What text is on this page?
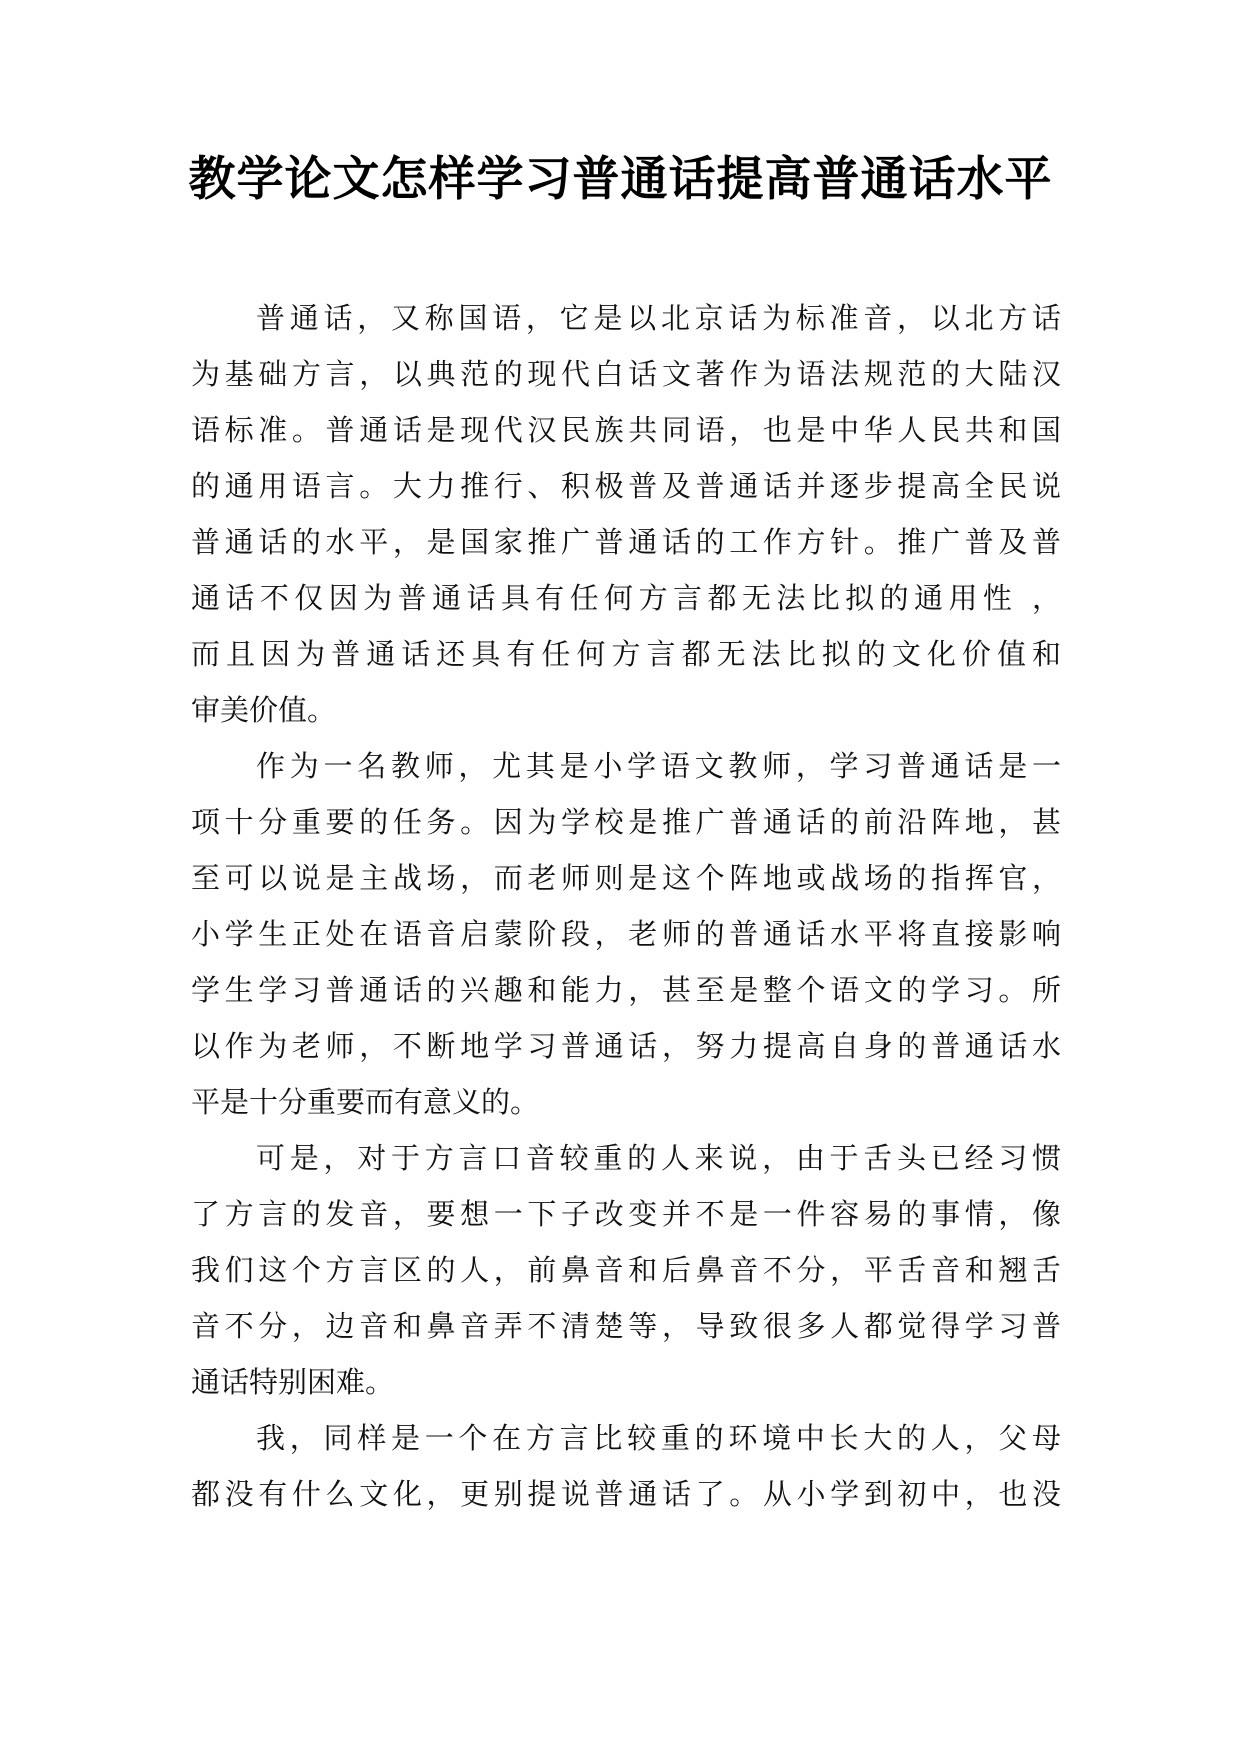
教学论文怎样学习普通话提高普通话水平
普通话，又称国语，它是以北京话为标准音，以北方话
为基础方言，以典范的现代白话文著作为语法规范的大陆汉
语标准。普通话是现代汉民族共同语，也是中华人民共和国
的通用语言。大力推行、积极普及普通话并逐步提高全民说
普通话的水平，是国家推广普通话的工作方针。推广普及普
通话不仅因为普通话具有任何方言都无法比拟的通用性 ，
而且因为普通话还具有任何方言都无法比拟的文化价值和
审美价值。
作为一名教师，尤其是小学语文教师，学习普通话是一
项十分重要的任务。因为学校是推广普通话的前沿阵地，甚
至可以说是主战场，而老师则是这个阵地或战场的指挥官，
小学生正处在语音启蒙阶段，老师的普通话水平将直接影响
学生学习普通话的兴趣和能力，甚至是整个语文的学习。所
以作为老师，不断地学习普通话，努力提高自身的普通话水
平是十分重要而有意义的。
可是，对于方言口音较重的人来说，由于舌头已经习惯
了方言的发音，要想一下子改变并不是一件容易的事情，像
我们这个方言区的人，前鼻音和后鼻音不分，平舌音和翘舌
音不分，边音和鼻音弄不清楚等，导致很多人都觉得学习普
通话特别困难。
我，同样是一个在方言比较重的环境中长大的人，父母
都没有什么文化，更别提说普通话了。从小学到初中，也没
